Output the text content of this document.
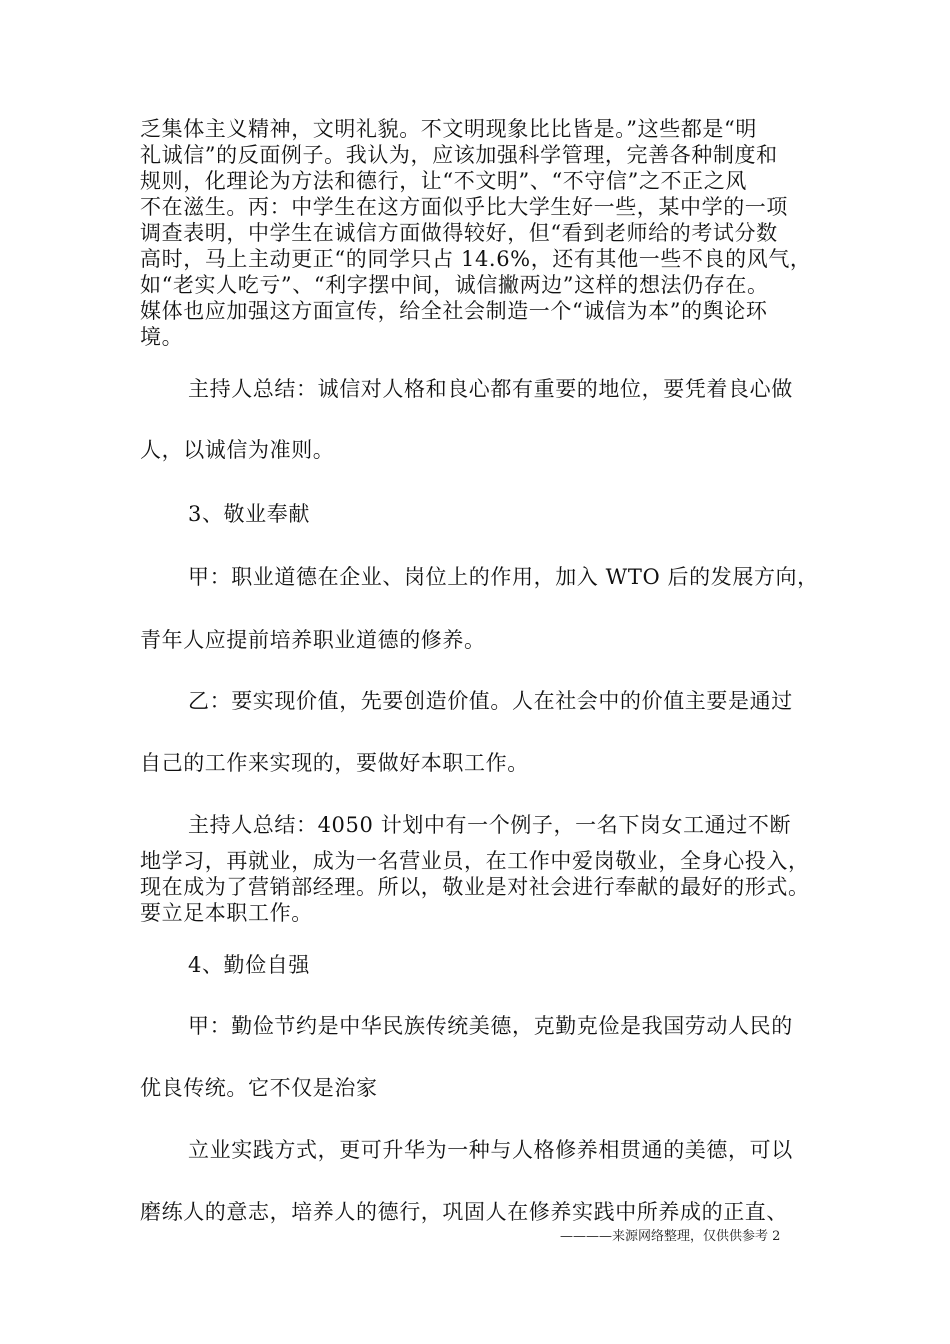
乏集体主义精神，文明礼貌。不文明现象比比皆是。”这些都是“明
礼诚信”的反面例子。我认为，应该加强科学管理，完善各种制度和
规则，化理论为方法和德行，让“不文明”、“不守信”之不正之风
不在滋生。丙：中学生在这方面似乎比大学生好一些，某中学的一项
调查表明，中学生在诚信方面做得较好，但“看到老师给的考试分数
高时，马上主动更正“的同学只占 14.6%，还有其他一些不良的风气，
如“老实人吃亏”、“利字摆中间，诚信撇两边”这样的想法仍存在。
媒体也应加强这方面宣传，给全社会制造一个“诚信为本”的舆论环
境。
主持人总结：诚信对人格和良心都有重要的地位，要凭着良心做
人，以诚信为准则。
3、敬业奉献
甲：职业道德在企业、岗位上的作用，加入 WTO 后的发展方向，
青年人应提前培养职业道德的修养。
乙：要实现价值，先要创造价值。人在社会中的价值主要是通过
自己的工作来实现的，要做好本职工作。
主持人总结：4050 计划中有一个例子，一名下岗女工通过不断
地学习，再就业，成为一名营业员，在工作中爱岗敬业，全身心投入，
现在成为了营销部经理。所以，敬业是对社会进行奉献的最好的形式。
要立足本职工作。
4、勤俭自强
甲：勤俭节约是中华民族传统美德，克勤克俭是我国劳动人民的
优良传统。它不仅是治家
立业实践方式，更可升华为一种与人格修养相贯通的美德，可以
磨练人的意志，培养人的德行，巩固人在修养实践中所养成的正直、
————来源网络整理，仅供供参考 2
